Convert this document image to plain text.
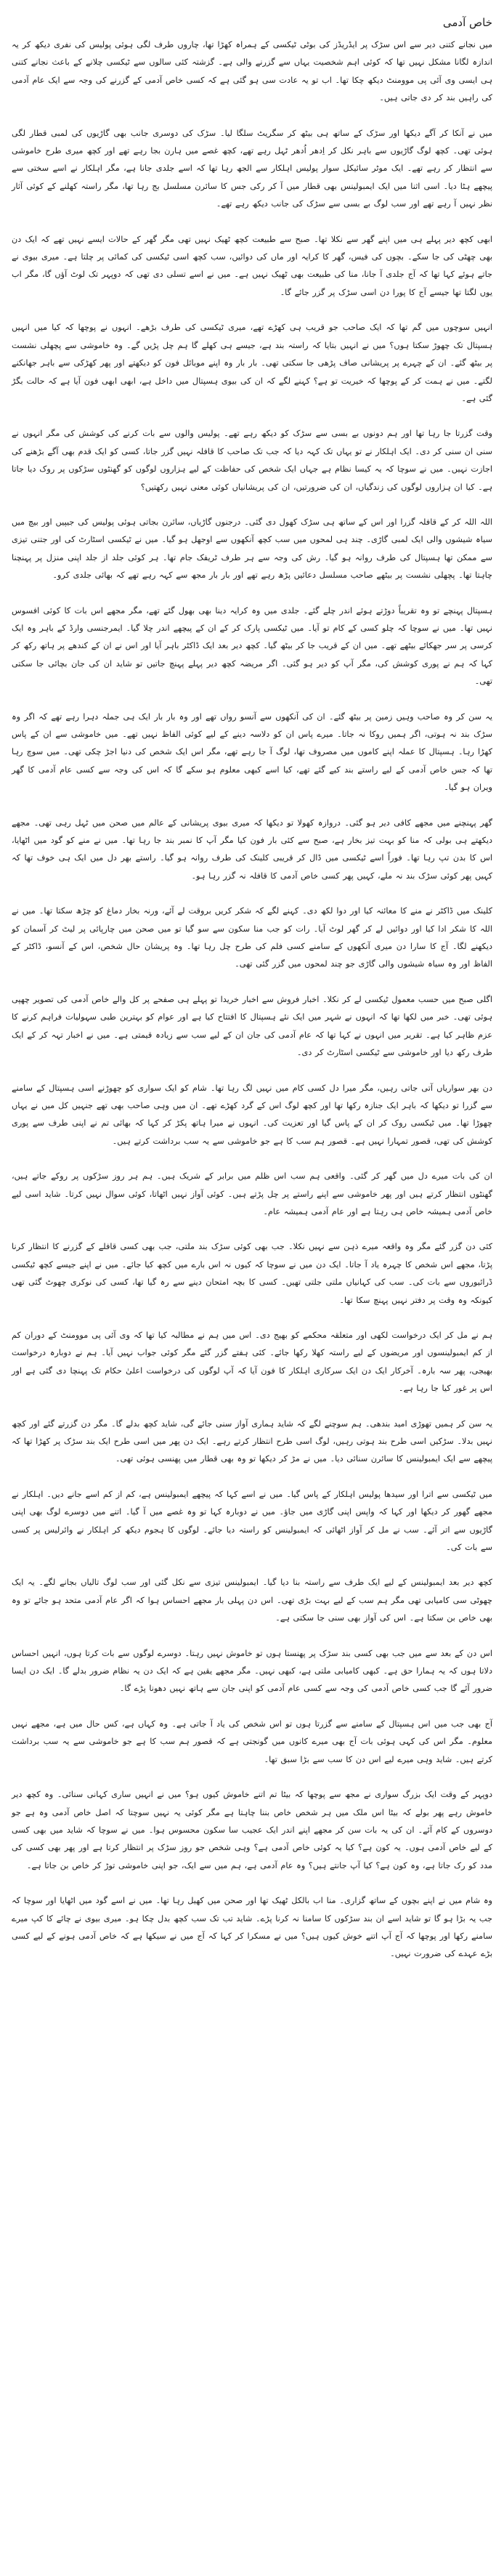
خاص آدمی

میں نجانے کتنی دیر سے اس سڑک پر ایڈریڈز کی بوٹی ٹیکسی کے ہمراہ کھڑا تھا، چاروں طرف لگی ہوئی پولیس کی نفری دیکھ کر یہ اندازہ لگانا مشکل نہیں تھا کہ کوئی اہم شخصیت یہاں سے گزرنے والی ہے۔ گزشتہ کئی سالوں سے ٹیکسی چلانے کے باعث نجانے کتنی ہی ایسی وی آئی پی موومنٹ دیکھ چکا تھا۔ اب تو یہ عادت سی ہو گئی ہے کہ کسی خاص آدمی کے گزرنے کی وجہ سے ایک عام آدمی کی راہیں بند کر دی جاتی ہیں۔

میں نے آنکا کر آگے دیکھا اور سڑک کے ساتھ ہی بیٹھ کر سگریٹ سلگا لیا۔ سڑک کی دوسری جانب بھی گاڑیوں کی لمبی قطار لگی ہوئی تھی۔ کچھ لوگ گاڑیوں سے باہر نکل کر اِدھر اُدھر ٹہل رہے تھے، کچھ غصے میں ہارن بجا رہے تھے اور کچھ میری طرح خاموشی سے انتظار کر رہے تھے۔ ایک موٹر سائیکل سوار پولیس اہلکار سے الجھ رہا تھا کہ اسے جلدی جانا ہے، مگر اہلکار نے اسے سختی سے پیچھے ہٹا دیا۔ اسی اثنا میں ایک ایمبولینس بھی قطار میں آ کر رکی جس کا سائرن مسلسل بج رہا تھا، مگر راستہ کھلنے کے کوئی آثار نظر نہیں آ رہے تھے اور سب لوگ بے بسی سے سڑک کی جانب دیکھ رہے تھے۔

ابھی کچھ دیر پہلے ہی میں اپنے گھر سے نکلا تھا۔ صبح سے طبیعت کچھ ٹھیک نہیں تھی مگر گھر کے حالات ایسے نہیں تھے کہ ایک دن بھی چھٹی کی جا سکے۔ بچوں کی فیس، گھر کا کرایہ اور ماں کی دوائیں، سب کچھ اسی ٹیکسی کی کمائی پر چلتا ہے۔ میری بیوی نے جاتے ہوئے کہا تھا کہ آج جلدی آ جانا، منا کی طبیعت بھی ٹھیک نہیں ہے۔ میں نے اسے تسلی دی تھی کہ دوپہر تک لوٹ آؤں گا، مگر اب یوں لگتا تھا جیسے آج کا پورا دن اسی سڑک پر گزر جائے گا۔

انہیں سوچوں میں گم تھا کہ ایک صاحب جو قریب ہی کھڑے تھے، میری ٹیکسی کی طرف بڑھے۔ انہوں نے پوچھا کہ کیا میں انہیں ہسپتال تک چھوڑ سکتا ہوں؟ میں نے انہیں بتایا کہ راستہ بند ہے، جیسے ہی کھلے گا ہم چل پڑیں گے۔ وہ خاموشی سے پچھلی نشست پر بیٹھ گئے۔ ان کے چہرے پر پریشانی صاف پڑھی جا سکتی تھی۔ بار بار وہ اپنے موبائل فون کو دیکھتے اور پھر کھڑکی سے باہر جھانکنے لگتے۔ میں نے ہمت کر کے پوچھا کہ خیریت تو ہے؟ کہنے لگے کہ ان کی بیوی ہسپتال میں داخل ہے، ابھی ابھی فون آیا ہے کہ حالت بگڑ گئی ہے۔

وقت گزرتا جا رہا تھا اور ہم دونوں بے بسی سے سڑک کو دیکھ رہے تھے۔ پولیس والوں سے بات کرنے کی کوشش کی مگر انہوں نے سنی ان سنی کر دی۔ ایک اہلکار نے تو یہاں تک کہہ دیا کہ جب تک صاحب کا قافلہ نہیں گزر جاتا، کسی کو ایک قدم بھی آگے بڑھنے کی اجازت نہیں۔ میں نے سوچا کہ یہ کیسا نظام ہے جہاں ایک شخص کی حفاظت کے لیے ہزاروں لوگوں کو گھنٹوں سڑکوں پر روک دیا جاتا ہے۔ کیا ان ہزاروں لوگوں کی زندگیاں، ان کی ضرورتیں، ان کی پریشانیاں کوئی معنی نہیں رکھتیں؟

اللہ اللہ کر کے قافلہ گزرا اور اس کے ساتھ ہی سڑک کھول دی گئی۔ درجنوں گاڑیاں، سائرن بجاتی ہوئی پولیس کی جیپیں اور بیچ میں سیاہ شیشوں والی ایک لمبی گاڑی۔ چند ہی لمحوں میں سب کچھ آنکھوں سے اوجھل ہو گیا۔ میں نے ٹیکسی اسٹارٹ کی اور جتنی تیزی سے ممکن تھا ہسپتال کی طرف روانہ ہو گیا۔ رش کی وجہ سے ہر طرف ٹریفک جام تھا۔ ہر کوئی جلد از جلد اپنی منزل پر پہنچنا چاہتا تھا۔ پچھلی نشست پر بیٹھے صاحب مسلسل دعائیں پڑھ رہے تھے اور بار بار مجھ سے کہہ رہے تھے کہ بھائی جلدی کرو۔

ہسپتال پہنچے تو وہ تقریباً دوڑتے ہوئے اندر چلے گئے۔ جلدی میں وہ کرایہ دینا بھی بھول گئے تھے، مگر مجھے اس بات کا کوئی افسوس نہیں تھا۔ میں نے سوچا کہ چلو کسی کے کام تو آیا۔ میں ٹیکسی پارک کر کے ان کے پیچھے اندر چلا گیا۔ ایمرجنسی وارڈ کے باہر وہ ایک کرسی پر سر جھکائے بیٹھے تھے۔ میں ان کے قریب جا کر بیٹھ گیا۔ کچھ دیر بعد ایک ڈاکٹر باہر آیا اور اس نے ان کے کندھے پر ہاتھ رکھ کر کہا کہ ہم نے پوری کوشش کی، مگر آپ کو دیر ہو گئی۔ اگر مریضہ کچھ دیر پہلے پہنچ جاتیں تو شاید ان کی جان بچائی جا سکتی تھی۔

یہ سن کر وہ صاحب وہیں زمین پر بیٹھ گئے۔ ان کی آنکھوں سے آنسو رواں تھے اور وہ بار بار ایک ہی جملہ دہرا رہے تھے کہ اگر وہ سڑک بند نہ ہوتی، اگر ہمیں روکا نہ جاتا۔ میرے پاس ان کو دلاسہ دینے کے لیے کوئی الفاظ نہیں تھے۔ میں خاموشی سے ان کے پاس کھڑا رہا۔ ہسپتال کا عملہ اپنے کاموں میں مصروف تھا، لوگ آ جا رہے تھے، مگر اس ایک شخص کی دنیا اجڑ چکی تھی۔ میں سوچ رہا تھا کہ جس خاص آدمی کے لیے راستے بند کیے گئے تھے، کیا اسے کبھی معلوم ہو سکے گا کہ اس کی وجہ سے کسی عام آدمی کا گھر ویران ہو گیا۔

گھر پہنچنے میں مجھے کافی دیر ہو گئی۔ دروازہ کھولا تو دیکھا کہ میری بیوی پریشانی کے عالم میں صحن میں ٹہل رہی تھی۔ مجھے دیکھتے ہی بولی کہ منا کو بہت تیز بخار ہے، صبح سے کئی بار فون کیا مگر آپ کا نمبر بند جا رہا تھا۔ میں نے منے کو گود میں اٹھایا، اس کا بدن تپ رہا تھا۔ فوراً اسے ٹیکسی میں ڈال کر قریبی کلینک کی طرف روانہ ہو گیا۔ راستے بھر دل میں ایک ہی خوف تھا کہ کہیں پھر کوئی سڑک بند نہ ملے، کہیں پھر کسی خاص آدمی کا قافلہ نہ گزر رہا ہو۔

کلینک میں ڈاکٹر نے منے کا معائنہ کیا اور دوا لکھ دی۔ کہنے لگے کہ شکر کریں بروقت لے آئے، ورنہ بخار دماغ کو چڑھ سکتا تھا۔ میں نے اللہ کا شکر ادا کیا اور دوائیں لے کر گھر لوٹ آیا۔ رات کو جب منا سکون سے سو گیا تو میں صحن میں چارپائی پر لیٹ کر آسمان کو دیکھنے لگا۔ آج کا سارا دن میری آنکھوں کے سامنے کسی فلم کی طرح چل رہا تھا۔ وہ پریشان حال شخص، اس کے آنسو، ڈاکٹر کے الفاظ اور وہ سیاہ شیشوں والی گاڑی جو چند لمحوں میں گزر گئی تھی۔

اگلی صبح میں حسب معمول ٹیکسی لے کر نکلا۔ اخبار فروش سے اخبار خریدا تو پہلے ہی صفحے پر کل والے خاص آدمی کی تصویر چھپی ہوئی تھی۔ خبر میں لکھا تھا کہ انہوں نے شہر میں ایک نئے ہسپتال کا افتتاح کیا ہے اور عوام کو بہترین طبی سہولیات فراہم کرنے کا عزم ظاہر کیا ہے۔ تقریر میں انہوں نے کہا تھا کہ عام آدمی کی جان ان کے لیے سب سے زیادہ قیمتی ہے۔ میں نے اخبار تہہ کر کے ایک طرف رکھ دیا اور خاموشی سے ٹیکسی اسٹارٹ کر دی۔

دن بھر سواریاں آتی جاتی رہیں، مگر میرا دل کسی کام میں نہیں لگ رہا تھا۔ شام کو ایک سواری کو چھوڑنے اسی ہسپتال کے سامنے سے گزرا تو دیکھا کہ باہر ایک جنازہ رکھا تھا اور کچھ لوگ اس کے گرد کھڑے تھے۔ ان میں وہی صاحب بھی تھے جنہیں کل میں نے یہاں چھوڑا تھا۔ میں ٹیکسی روک کر ان کے پاس گیا اور تعزیت کی۔ انہوں نے میرا ہاتھ پکڑ کر کہا کہ بھائی تم نے اپنی طرف سے پوری کوشش کی تھی، قصور تمہارا نہیں ہے۔ قصور ہم سب کا ہے جو خاموشی سے یہ سب برداشت کرتے ہیں۔

ان کی بات میرے دل میں گھر کر گئی۔ واقعی ہم سب اس ظلم میں برابر کے شریک ہیں۔ ہم ہر روز سڑکوں پر روکے جاتے ہیں، گھنٹوں انتظار کرتے ہیں اور پھر خاموشی سے اپنے راستے پر چل پڑتے ہیں۔ کوئی آواز نہیں اٹھاتا، کوئی سوال نہیں کرتا۔ شاید اسی لیے خاص آدمی ہمیشہ خاص ہی رہتا ہے اور عام آدمی ہمیشہ عام۔

کئی دن گزر گئے مگر وہ واقعہ میرے ذہن سے نہیں نکلا۔ جب بھی کوئی سڑک بند ملتی، جب بھی کسی قافلے کے گزرنے کا انتظار کرنا پڑتا، مجھے اس شخص کا چہرہ یاد آ جاتا۔ ایک دن میں نے سوچا کہ کیوں نہ اس بارے میں کچھ کیا جائے۔ میں نے اپنے جیسے کچھ ٹیکسی ڈرائیوروں سے بات کی۔ سب کی کہانیاں ملتی جلتی تھیں۔ کسی کا بچہ امتحان دینے سے رہ گیا تھا، کسی کی نوکری چھوٹ گئی تھی کیونکہ وہ وقت پر دفتر نہیں پہنچ سکا تھا۔

ہم نے مل کر ایک درخواست لکھی اور متعلقہ محکمے کو بھیج دی۔ اس میں ہم نے مطالبہ کیا تھا کہ وی آئی پی موومنٹ کے دوران کم از کم ایمبولینسوں اور مریضوں کے لیے راستہ کھلا رکھا جائے۔ کئی ہفتے گزر گئے مگر کوئی جواب نہیں آیا۔ ہم نے دوبارہ درخواست بھیجی، پھر سہ بارہ۔ آخرکار ایک دن ایک سرکاری اہلکار کا فون آیا کہ آپ لوگوں کی درخواست اعلیٰ حکام تک پہنچا دی گئی ہے اور اس پر غور کیا جا رہا ہے۔

یہ سن کر ہمیں تھوڑی امید بندھی۔ ہم سوچنے لگے کہ شاید ہماری آواز سنی جائے گی، شاید کچھ بدلے گا۔ مگر دن گزرتے گئے اور کچھ نہیں بدلا۔ سڑکیں اسی طرح بند ہوتی رہیں، لوگ اسی طرح انتظار کرتے رہے۔ ایک دن پھر میں اسی طرح ایک بند سڑک پر کھڑا تھا کہ پیچھے سے ایک ایمبولینس کا سائرن سنائی دیا۔ میں نے مڑ کر دیکھا تو وہ بھی قطار میں پھنسی ہوئی تھی۔

میں ٹیکسی سے اترا اور سیدھا پولیس اہلکار کے پاس گیا۔ میں نے اسے کہا کہ پیچھے ایمبولینس ہے، کم از کم اسے جانے دیں۔ اہلکار نے مجھے گھور کر دیکھا اور کہا کہ واپس اپنی گاڑی میں جاؤ۔ میں نے دوبارہ کہا تو وہ غصے میں آ گیا۔ اتنے میں دوسرے لوگ بھی اپنی گاڑیوں سے اتر آئے۔ سب نے مل کر آواز اٹھائی کہ ایمبولینس کو راستہ دیا جائے۔ لوگوں کا ہجوم دیکھ کر اہلکار نے وائرلیس پر کسی سے بات کی۔

کچھ دیر بعد ایمبولینس کے لیے ایک طرف سے راستہ بنا دیا گیا۔ ایمبولینس تیزی سے نکل گئی اور سب لوگ تالیاں بجانے لگے۔ یہ ایک چھوٹی سی کامیابی تھی مگر ہم سب کے لیے بہت بڑی تھی۔ اس دن پہلی بار مجھے احساس ہوا کہ اگر عام آدمی متحد ہو جائے تو وہ بھی خاص بن سکتا ہے۔ اس کی آواز بھی سنی جا سکتی ہے۔

اس دن کے بعد سے میں جب بھی کسی بند سڑک پر پھنستا ہوں تو خاموش نہیں رہتا۔ دوسرے لوگوں سے بات کرتا ہوں، انہیں احساس دلاتا ہوں کہ یہ ہمارا حق ہے۔ کبھی کامیابی ملتی ہے، کبھی نہیں۔ مگر مجھے یقین ہے کہ ایک دن یہ نظام ضرور بدلے گا۔ ایک دن ایسا ضرور آئے گا جب کسی خاص آدمی کی وجہ سے کسی عام آدمی کو اپنی جان سے ہاتھ نہیں دھونا پڑے گا۔

آج بھی جب میں اس ہسپتال کے سامنے سے گزرتا ہوں تو اس شخص کی یاد آ جاتی ہے۔ وہ کہاں ہے، کس حال میں ہے، مجھے نہیں معلوم۔ مگر اس کی کہی ہوئی بات آج بھی میرے کانوں میں گونجتی ہے کہ قصور ہم سب کا ہے جو خاموشی سے یہ سب برداشت کرتے ہیں۔ شاید وہی میرے لیے اس دن کا سب سے بڑا سبق تھا۔

دوپہر کے وقت ایک بزرگ سواری نے مجھ سے پوچھا کہ بیٹا تم اتنے خاموش کیوں ہو؟ میں نے انہیں ساری کہانی سنائی۔ وہ کچھ دیر خاموش رہے پھر بولے کہ بیٹا اس ملک میں ہر شخص خاص بننا چاہتا ہے مگر کوئی یہ نہیں سوچتا کہ اصل خاص آدمی وہ ہے جو دوسروں کے کام آئے۔ ان کی یہ بات سن کر مجھے اپنے اندر ایک عجیب سا سکون محسوس ہوا۔ میں نے سوچا کہ شاید میں بھی کسی کے لیے خاص آدمی ہوں۔ یہ کون ہے؟ کیا یہ کوئی خاص آدمی ہے؟ وہی شخص جو روز سڑک پر انتظار کرتا ہے اور پھر بھی کسی کی مدد کو رک جاتا ہے، وہ کون ہے؟ کیا آپ جانتے ہیں؟ وہ عام آدمی ہے، ہم میں سے ایک، جو اپنی خاموشی توڑ کر خاص بن جاتا ہے۔

وہ شام میں نے اپنے بچوں کے ساتھ گزاری۔ منا اب بالکل ٹھیک تھا اور صحن میں کھیل رہا تھا۔ میں نے اسے گود میں اٹھایا اور سوچا کہ جب یہ بڑا ہو گا تو شاید اسے ان بند سڑکوں کا سامنا نہ کرنا پڑے۔ شاید تب تک سب کچھ بدل چکا ہو۔ میری بیوی نے چائے کا کپ میرے سامنے رکھا اور پوچھا کہ آج آپ اتنے خوش کیوں ہیں؟ میں نے مسکرا کر کہا کہ آج میں نے سیکھا ہے کہ خاص آدمی ہونے کے لیے کسی بڑے عہدے کی ضرورت نہیں۔
